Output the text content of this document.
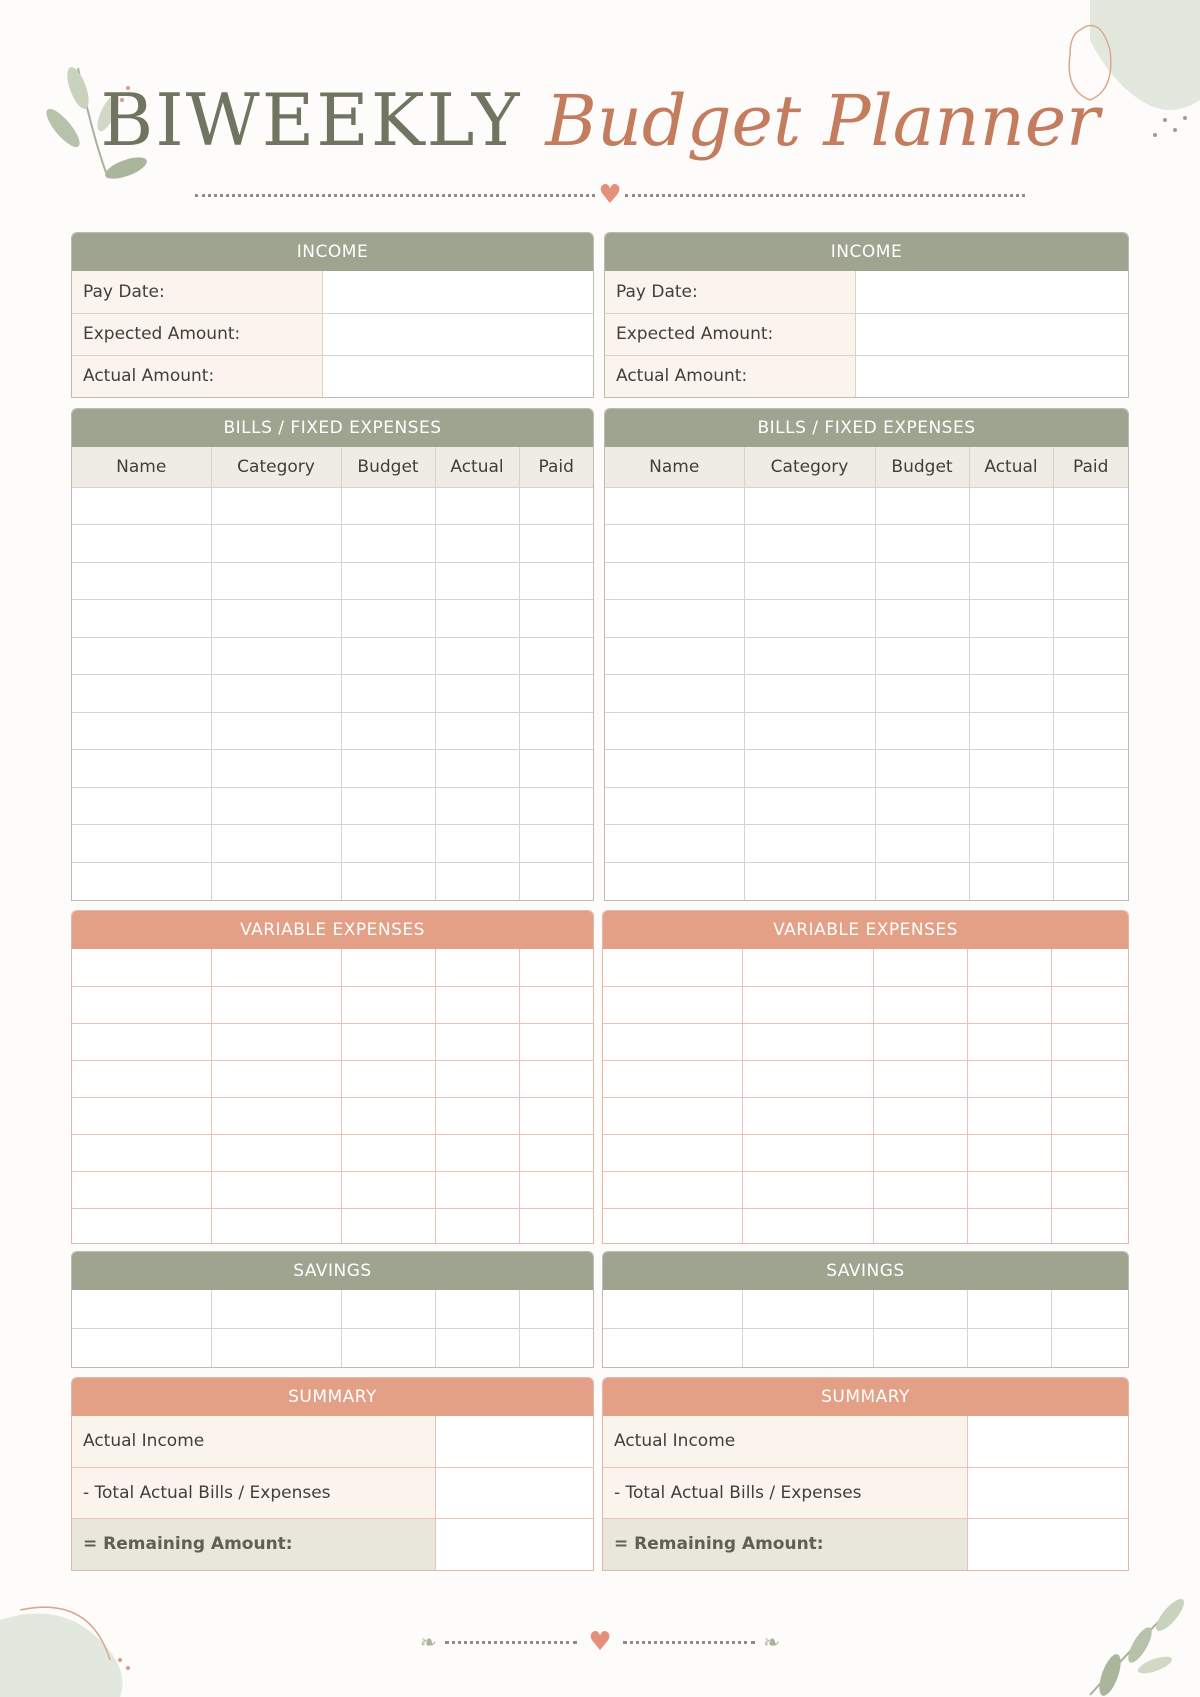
BIWEEKLY Budget Planner
♥
INCOME
Pay Date:	
Expected Amount:	
Actual Amount:	
BILLS / FIXED EXPENSES
Name	Category	Budget	Actual	Paid

VARIABLE EXPENSES

SAVINGS

SUMMARY
Actual Income	
- Total Actual Bills / Expenses	
= Remaining Amount:	
INCOME
Pay Date:	
Expected Amount:	
Actual Amount:	
BILLS / FIXED EXPENSES
Name	Category	Budget	Actual	Paid

VARIABLE EXPENSES

SAVINGS

SUMMARY
Actual Income	
- Total Actual Bills / Expenses	
= Remaining Amount:	
❧	♥	❧
